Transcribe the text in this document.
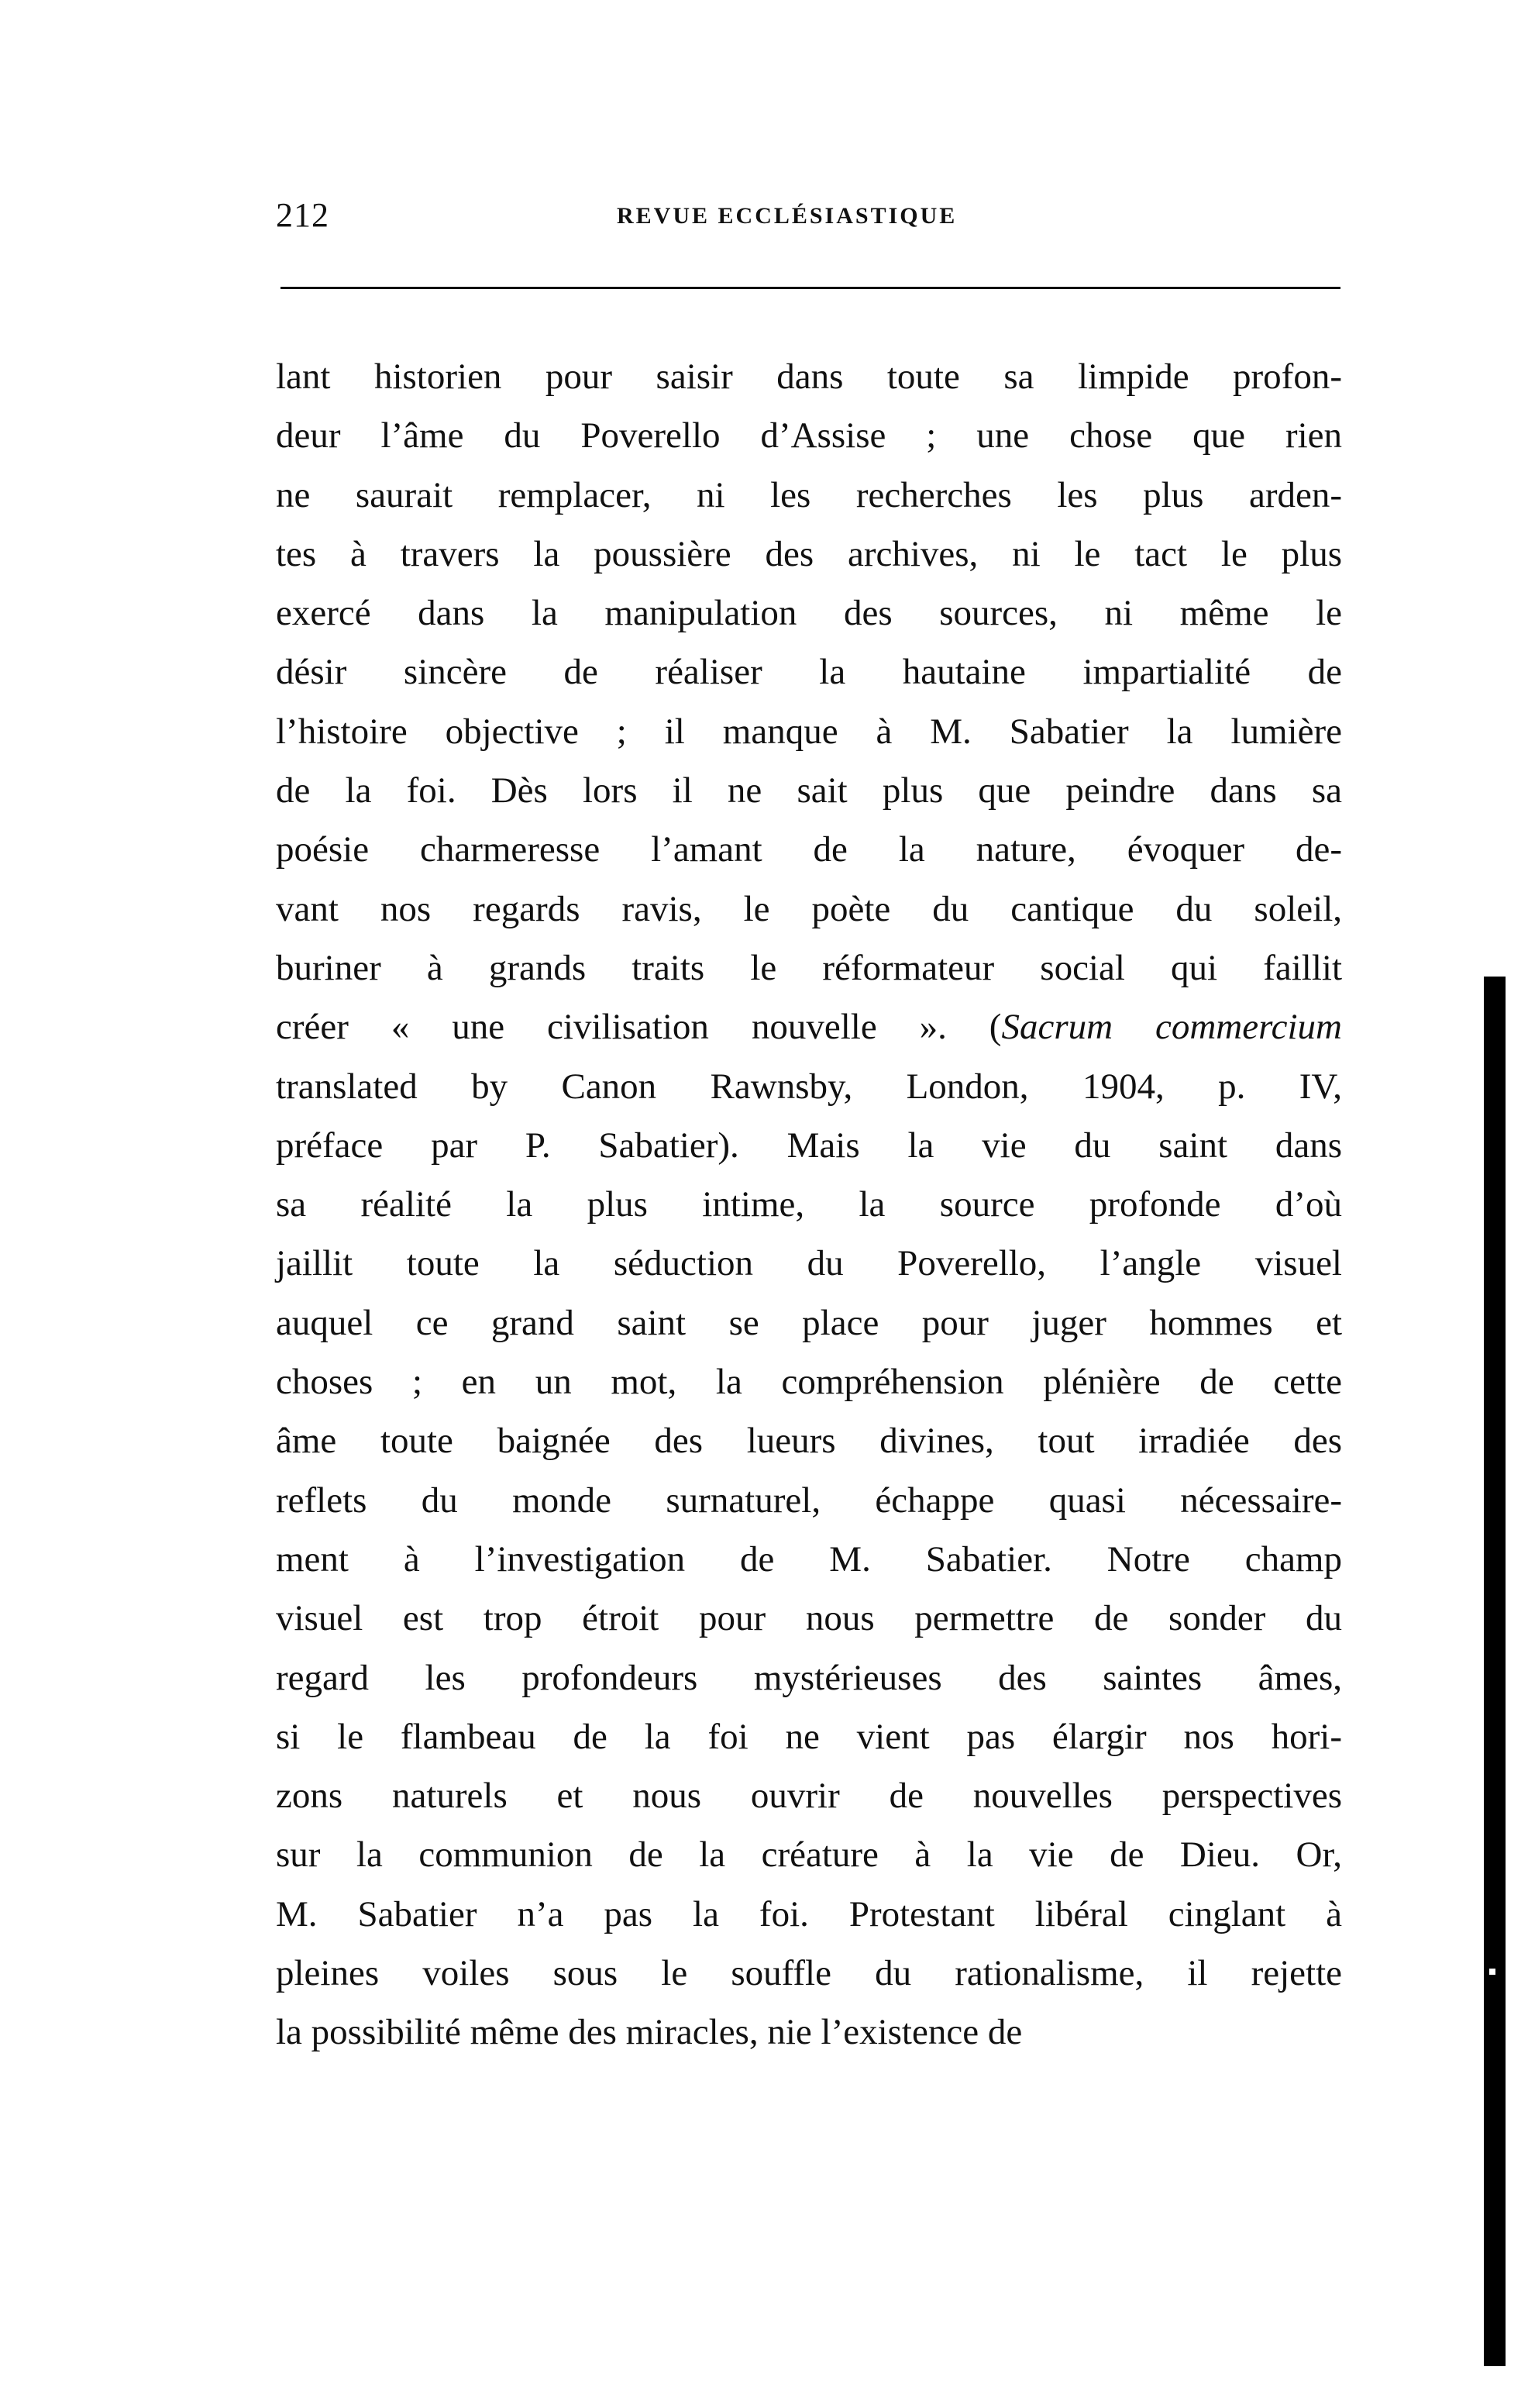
212	REVUE ECCLÉSIASTIQUE
lant historien pour saisir dans toute sa limpide profon-
deur l’âme du Poverello d’Assise ; une chose que rien
ne saurait remplacer, ni les recherches les plus arden-
tes à travers la poussière des archives, ni le tact le plus
exercé dans la manipulation des sources, ni même le
désir sincère de réaliser la hautaine impartialité de
l’histoire objective ; il manque à M. Sabatier la lumière
de la foi. Dès lors il ne sait plus que peindre dans sa
poésie charmeresse l’amant de la nature, évoquer de-
vant nos regards ravis, le poète du cantique du soleil,
buriner à grands traits le réformateur social qui faillit
créer « une civilisation nouvelle ». (Sacrum commercium
translated by Canon Rawnsby, London, 1904, p. IV,
préface par P. Sabatier). Mais la vie du saint dans
sa réalité la plus intime, la source profonde d’où
jaillit toute la séduction du Poverello, l’angle visuel
auquel ce grand saint se place pour juger hommes et
choses ; en un mot, la compréhension plénière de cette
âme toute baignée des lueurs divines, tout irradiée des
reflets du monde surnaturel, échappe quasi nécessaire-
ment à l’investigation de M. Sabatier. Notre champ
visuel est trop étroit pour nous permettre de sonder du
regard les profondeurs mystérieuses des saintes âmes,
si le flambeau de la foi ne vient pas élargir nos hori-
zons naturels et nous ouvrir de nouvelles perspectives
sur la communion de la créature à la vie de Dieu. Or,
M. Sabatier n’a pas la foi. Protestant libéral cinglant à
pleines voiles sous le souffle du rationalisme, il rejette
la possibilité même des miracles, nie l’existence de
